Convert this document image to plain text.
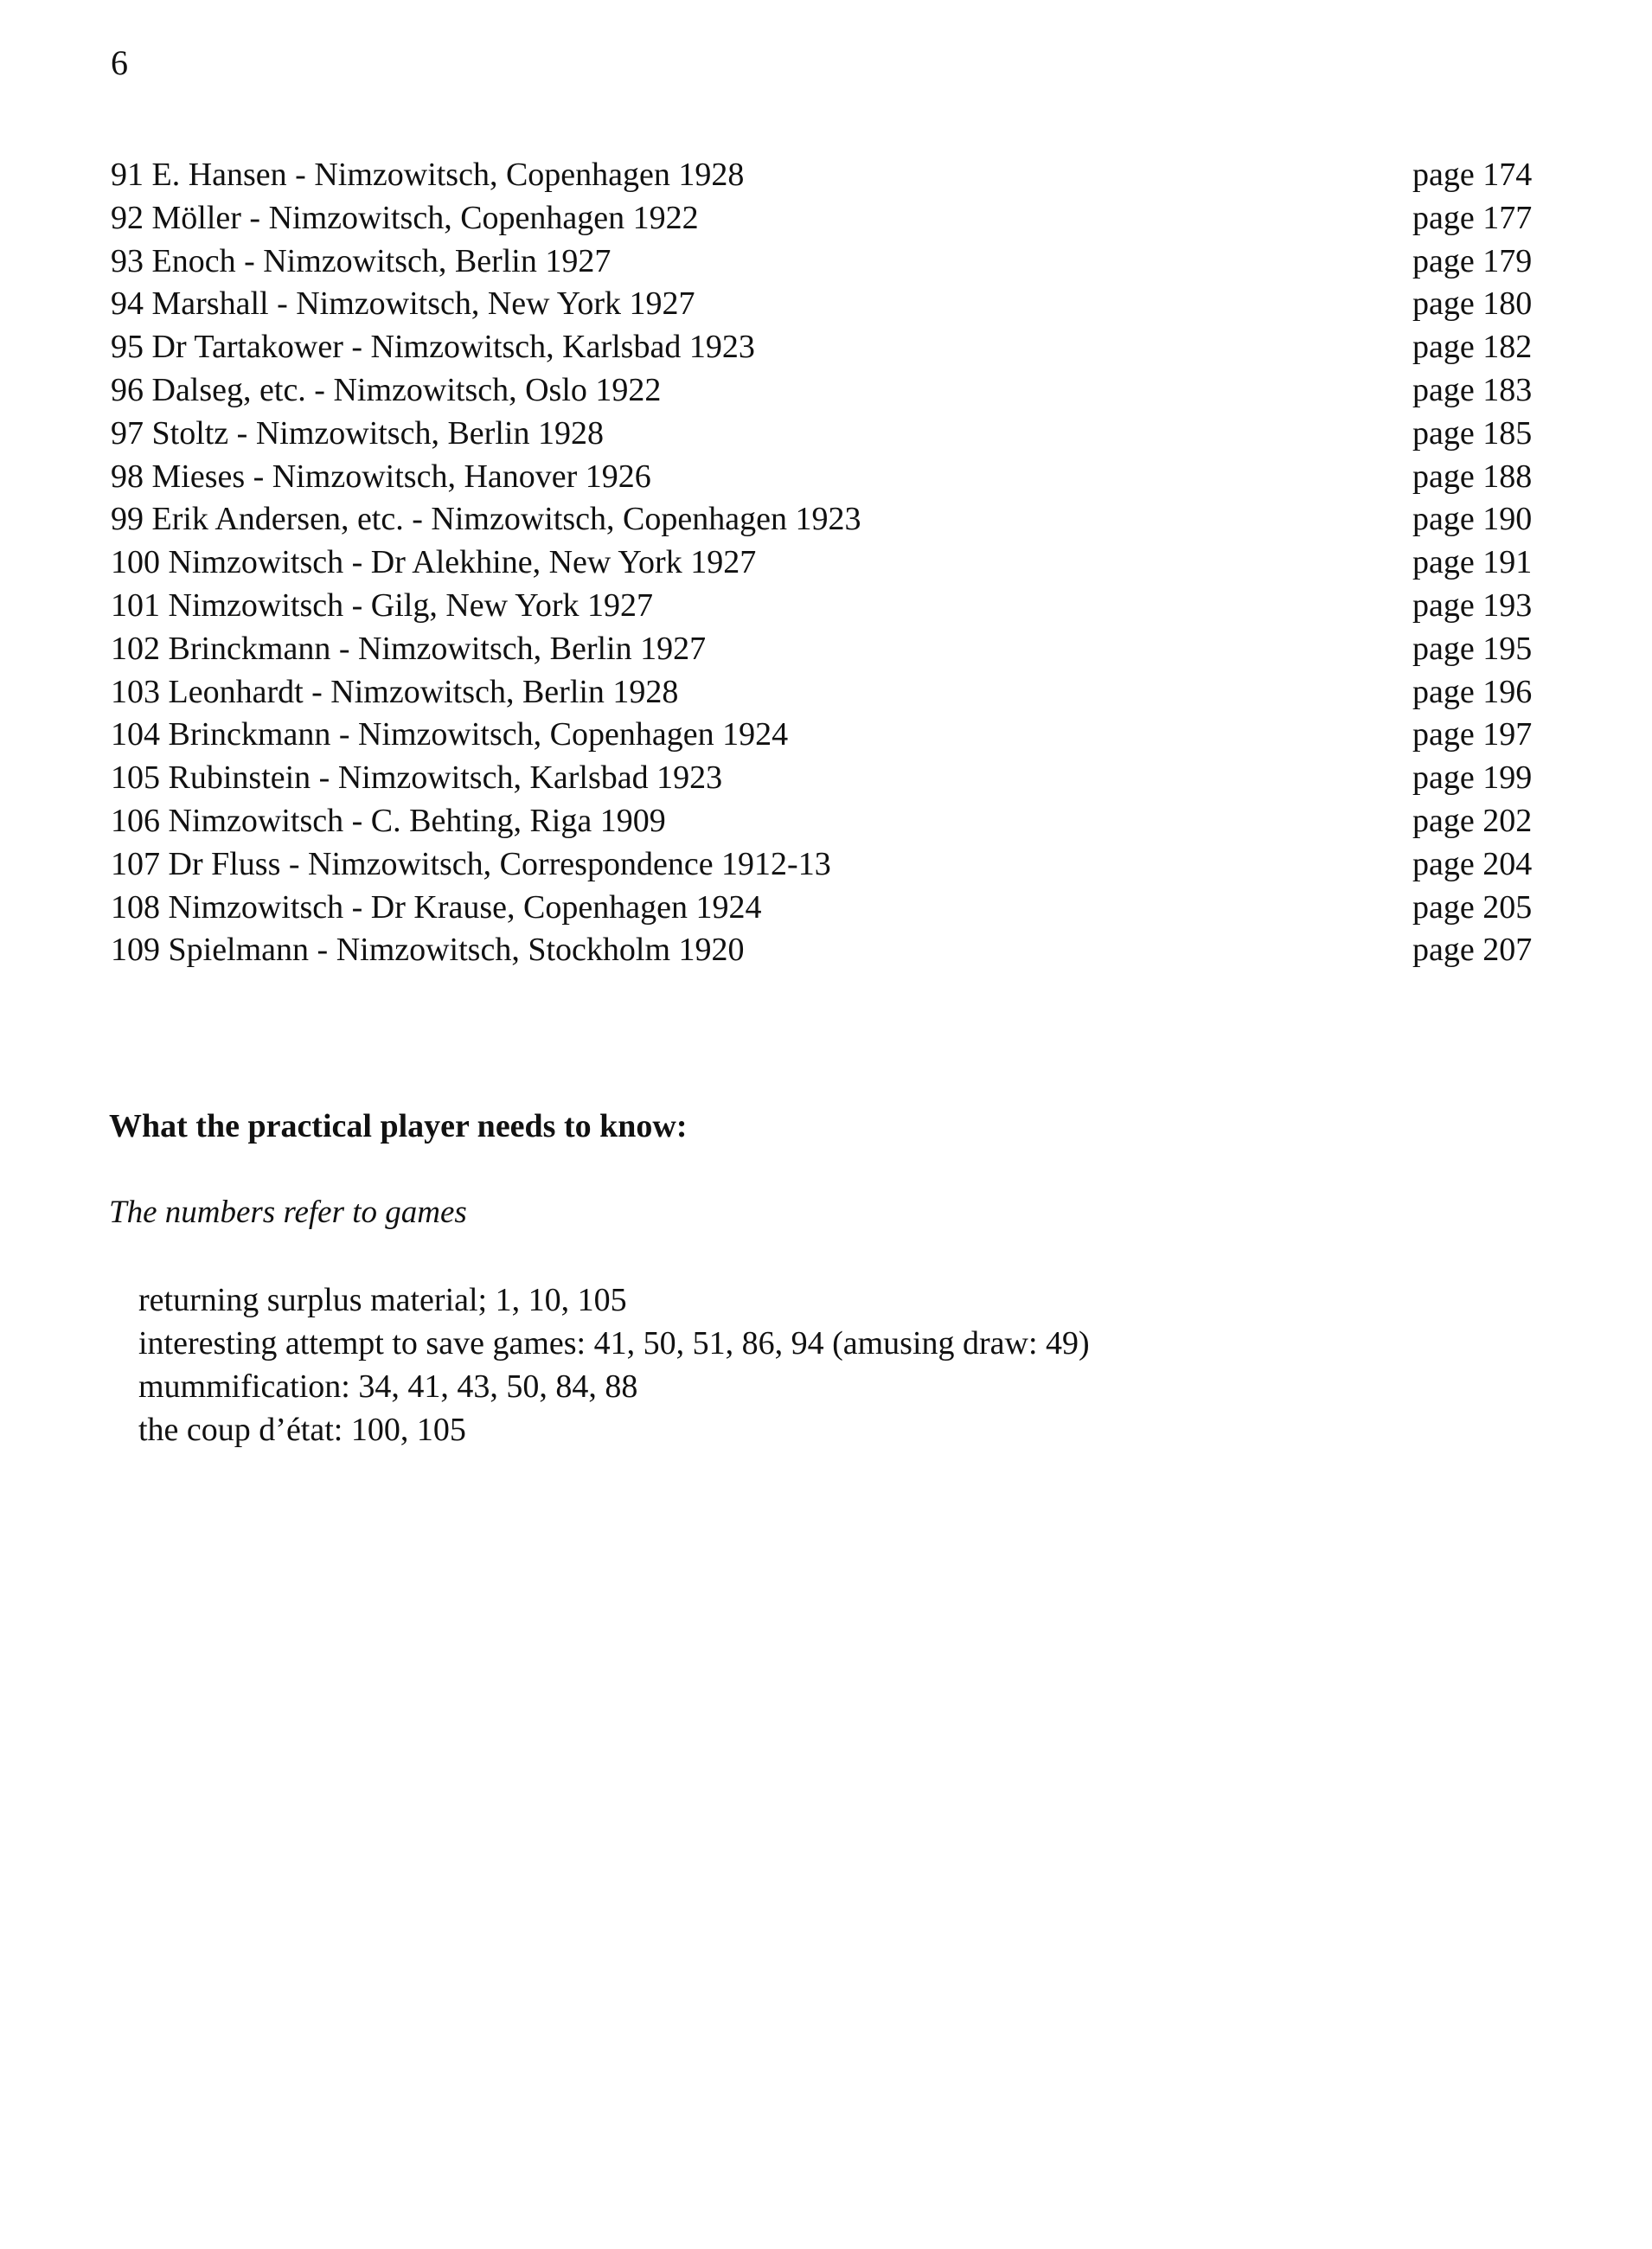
6
91 E. Hansen - Nimzowitsch, Copenhagen 1928	page 174
92 Möller - Nimzowitsch, Copenhagen 1922	page 177
93 Enoch - Nimzowitsch, Berlin 1927	page 179
94 Marshall - Nimzowitsch, New York 1927	page 180
95 Dr Tartakower - Nimzowitsch, Karlsbad 1923	page 182
96 Dalseg, etc. - Nimzowitsch, Oslo 1922	page 183
97 Stoltz - Nimzowitsch, Berlin 1928	page 185
98 Mieses - Nimzowitsch, Hanover 1926	page 188
99 Erik Andersen, etc. - Nimzowitsch, Copenhagen 1923	page 190
100 Nimzowitsch - Dr Alekhine, New York 1927	page 191
101 Nimzowitsch - Gilg, New York 1927	page 193
102 Brinckmann - Nimzowitsch, Berlin 1927	page 195
103 Leonhardt - Nimzowitsch, Berlin 1928	page 196
104 Brinckmann - Nimzowitsch, Copenhagen 1924	page 197
105 Rubinstein - Nimzowitsch, Karlsbad 1923	page 199
106 Nimzowitsch - C. Behting, Riga 1909	page 202
107 Dr Fluss - Nimzowitsch, Correspondence 1912-13	page 204
108 Nimzowitsch - Dr Krause, Copenhagen 1924	page 205
109 Spielmann - Nimzowitsch, Stockholm 1920	page 207
What the practical player needs to know:

The numbers refer to games

returning surplus material; 1, 10, 105
interesting attempt to save games: 41, 50, 51, 86, 94 (amusing draw: 49)
mummification: 34, 41, 43, 50, 84, 88
the coup d’état: 100, 105
